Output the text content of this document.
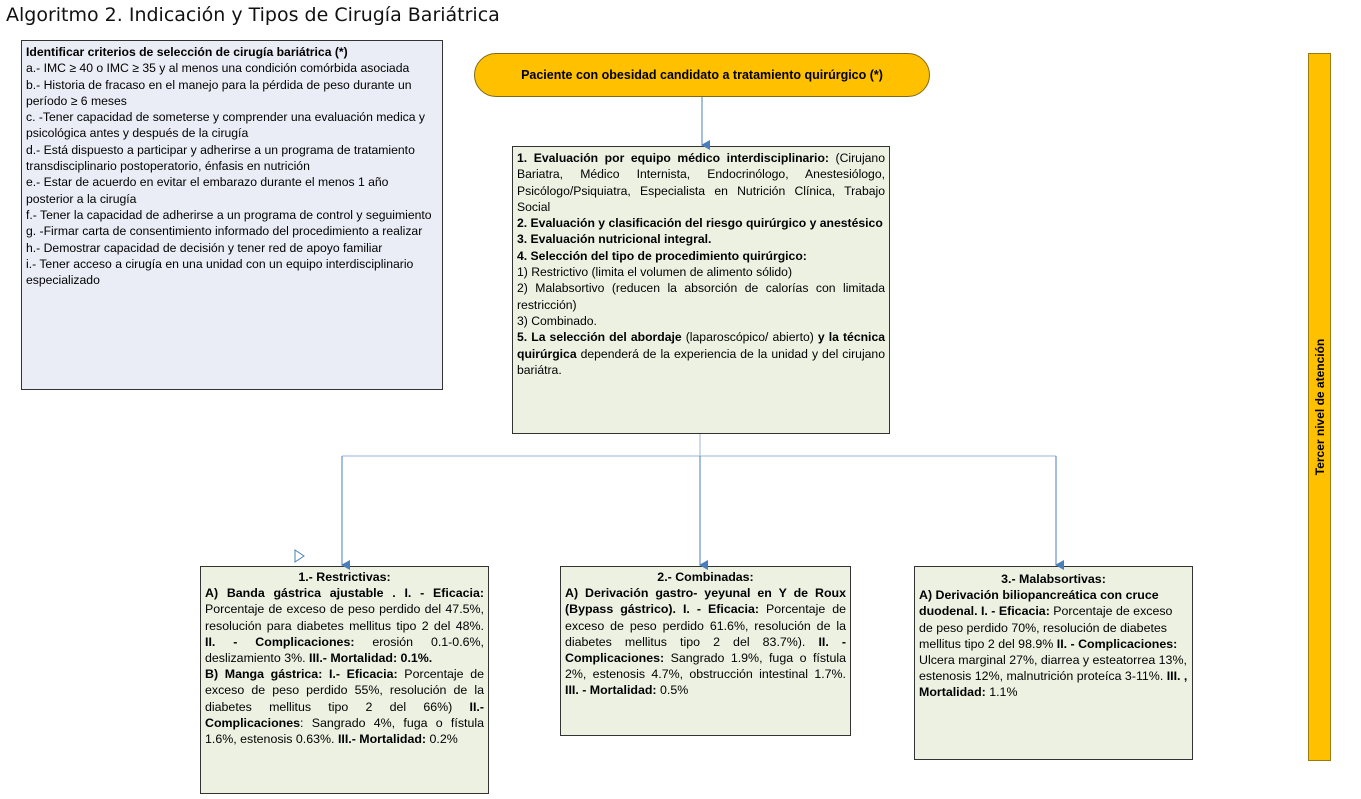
Algoritmo 2. Indicación y Tipos de Cirugía Bariátrica
Identificar criterios de selección de cirugía bariátrica (*)
a.- IMC ≥ 40 o IMC ≥ 35 y al menos una condición comórbida asociada
b.- Historia de fracaso en el manejo para la pérdida de peso durante un período ≥ 6 meses
c. -Tener capacidad de someterse y comprender una evaluación medica y psicológica antes y después de la cirugía
d.- Está dispuesto a participar y adherirse a un programa de tratamiento transdisciplinario postoperatorio, énfasis en nutrición
e.- Estar de acuerdo en evitar el embarazo durante el menos 1 año posterior a la cirugía
f.- Tener la capacidad de adherirse a un programa de control y seguimiento
g. -Firmar carta de consentimiento informado del procedimiento a realizar
h.- Demostrar capacidad de decisión y tener red de apoyo familiar
i.- Tener acceso a cirugía en una unidad con un equipo interdisciplinario especializado
Paciente con obesidad candidato a tratamiento quirúrgico (*)
1. Evaluación por equipo médico interdisciplinario: (Cirujano Bariatra, Médico Internista, Endocrinólogo, Anestesiólogo, Psicólogo/Psiquiatra, Especialista en Nutrición Clínica, Trabajo Social
2. Evaluación y clasificación del riesgo quirúrgico y anestésico
3. Evaluación nutricional integral.
4. Selección del tipo de procedimiento quirúrgico:
1) Restrictivo (limita el volumen de alimento sólido)
2) Malabsortivo (reducen la absorción de calorías con limitada restricción)
3) Combinado.
5. La selección del abordaje (laparoscópico/ abierto) y la técnica quirúrgica dependerá de la experiencia de la unidad y del cirujano bariátra.
1.- Restrictivas:
A) Banda gástrica ajustable . I. - Eficacia: Porcentaje de exceso de peso perdido del 47.5%, resolución para diabetes mellitus tipo 2 del 48%. II. - Complicaciones: erosión 0.1-0.6%, deslizamiento 3%. III.- Mortalidad: 0.1%.
B) Manga gástrica: I.- Eficacia: Porcentaje de exceso de peso perdido 55%, resolución de la diabetes mellitus tipo 2 del 66%) II.- Complicaciones: Sangrado 4%, fuga o fístula 1.6%, estenosis 0.63%. III.- Mortalidad: 0.2%
2.- Combinadas:
A) Derivación gastro- yeyunal en Y de Roux (Bypass gástrico). I. - Eficacia: Porcentaje de exceso de peso perdido 61.6%, resolución de la diabetes mellitus tipo 2 del 83.7%). II. - Complicaciones: Sangrado 1.9%, fuga o fístula 2%, estenosis 4.7%, obstrucción intestinal 1.7%. III. - Mortalidad: 0.5%
3.- Malabsortivas:
A) Derivación biliopancreática con cruce duodenal. I. - Eficacia: Porcentaje de exceso de peso perdido 70%, resolución de diabetes mellitus tipo 2 del 98.9% II. - Complicaciones: Ulcera marginal 27%, diarrea y esteatorrea 13%, estenosis 12%, malnutrición proteíca 3-11%. III. , Mortalidad: 1.1%
Tercer nivel de atención
